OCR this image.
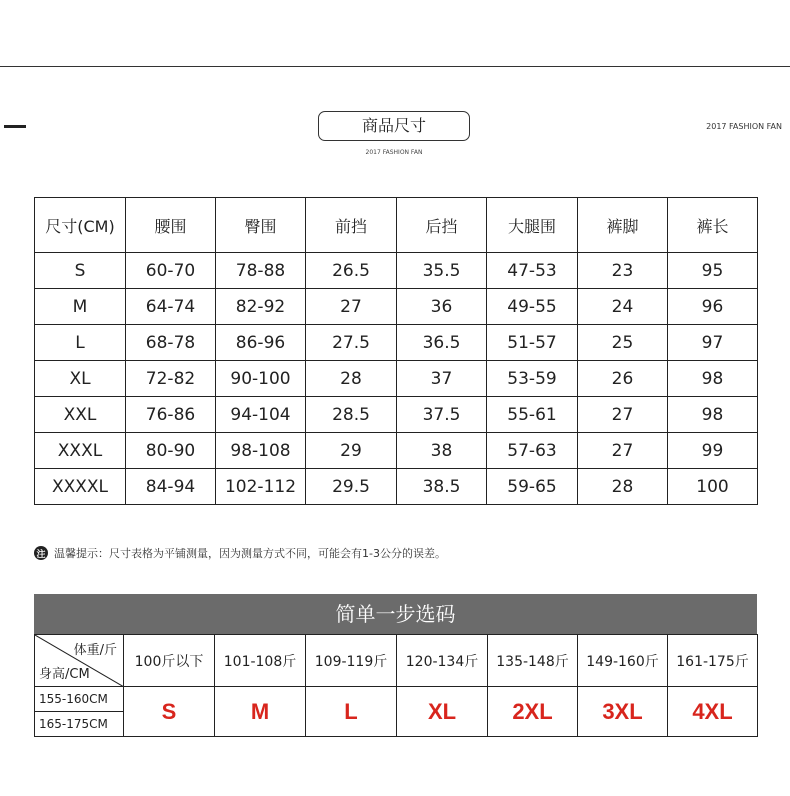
商品尺寸
2017 FASHION FAN
2017 FASHION FAN
尺寸(CM)	腰围	臀围	前挡	后挡	大腿围	裤脚	裤长
S	60-70	78-88	26.5	35.5	47-53	23	95
M	64-74	82-92	27	36	49-55	24	96
L	68-78	86-96	27.5	36.5	51-57	25	97
XL	72-82	90-100	28	37	53-59	26	98
XXL	76-86	94-104	28.5	37.5	55-61	27	98
XXXL	80-90	98-108	29	38	57-63	27	99
XXXXL	84-94	102-112	29.5	38.5	59-65	28	100
注 温馨提示：尺寸表格为平铺测量，因为测量方式不同，可能会有1-3公分的误差。
简单一步选码
体重/斤
身高/CM	100斤以下	101-108斤	109-119斤	120-134斤	135-148斤	149-160斤	161-175斤
155-160CM	S	M	L	XL	2XL	3XL	4XL
165-175CM							
